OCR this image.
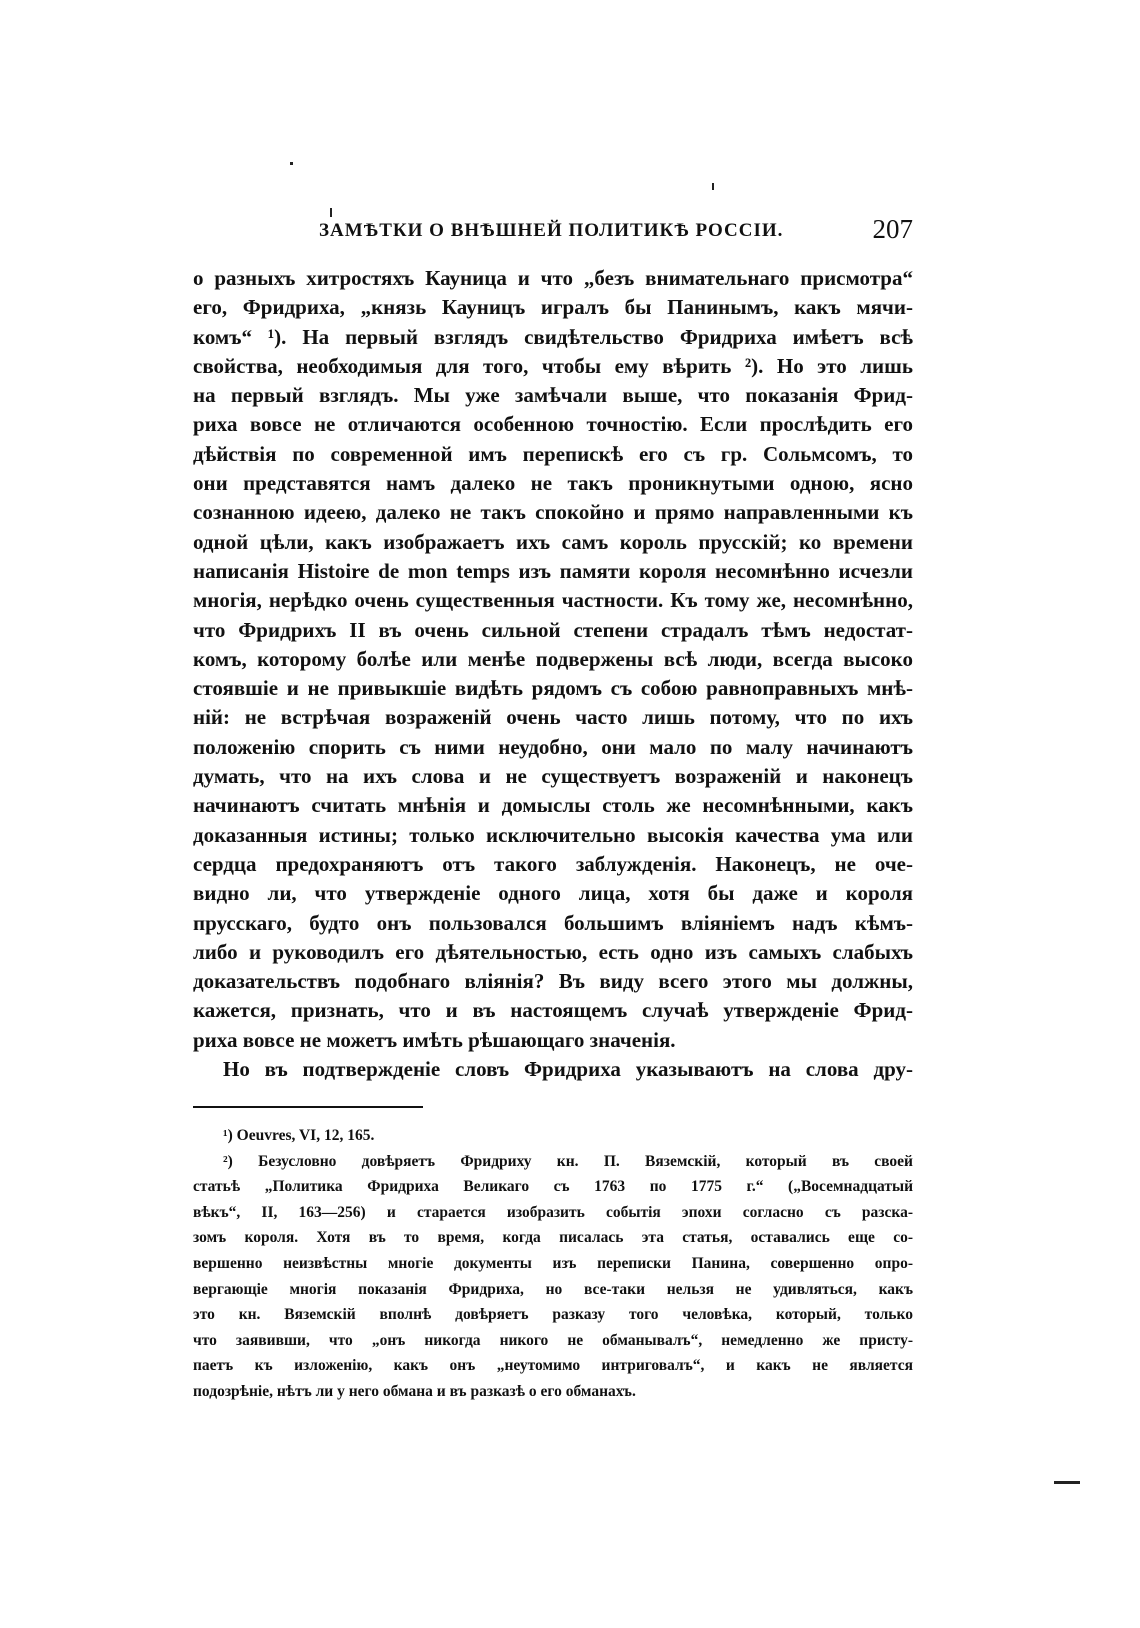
ЗАМѢТКИ О ВНѢШНЕЙ ПОЛИТИКѢ РОССІИ.	207
о разныхъ хитростяхъ Кауница и что „безъ внимательнаго присмотра“
его, Фридриха, „князь Кауницъ игралъ бы Панинымъ, какъ мячи-
комъ“ ¹). На первый взглядъ свидѣтельство Фридриха имѣетъ всѣ
свойства, необходимыя для того, чтобы ему вѣрить ²). Но это лишь
на первый взглядъ. Мы уже замѣчали выше, что показанія Фрид-
риха вовсе не отличаются особенною точностію. Если прослѣдить его
дѣйствія по современной имъ перепискѣ его съ гр. Сольмсомъ, то
они представятся намъ далеко не такъ проникнутыми одною, ясно
сознанною идеею, далеко не такъ спокойно и прямо направленными къ
одной цѣли, какъ изображаетъ ихъ самъ король прусскій; ко времени
написанія Histoire de mon temps изъ памяти короля несомнѣнно исчезли
многія, нерѣдко очень существенныя частности. Къ тому же, несомнѣнно,
что Фридрихъ II въ очень сильной степени страдалъ тѣмъ недостат-
комъ, которому болѣе или менѣе подвержены всѣ люди, всегда высоко
стоявшіе и не привыкшіе видѣть рядомъ съ собою равноправныхъ мнѣ-
ній: не встрѣчая возраженій очень часто лишь потому, что по ихъ
положенію спорить съ ними неудобно, они мало по малу начинаютъ
думать, что на ихъ слова и не существуетъ возраженій и наконецъ
начинаютъ считать мнѣнія и домыслы столь же несомнѣнными, какъ
доказанныя истины; только исключительно высокія качества ума или
сердца предохраняютъ отъ такого заблужденія. Наконецъ, не оче-
видно ли, что утвержденіе одного лица, хотя бы даже и короля
прусскаго, будто онъ пользовался большимъ вліяніемъ надъ кѣмъ-
либо и руководилъ его дѣятельностью, есть одно изъ самыхъ слабыхъ
доказательствъ подобнаго вліянія? Въ виду всего этого мы должны,
кажется, признать, что и въ настоящемъ случаѣ утвержденіе Фрид-
риха вовсе не можетъ имѣть рѣшающаго значенія.
Но въ подтвержденіе словъ Фридриха указываютъ на слова дру-
¹) Oeuvres, VI, 12, 165.
²) Безусловно довѣряетъ Фридриху кн. П. Вяземскій, который въ своей
статьѣ „Политика Фридриха Великаго съ 1763 по 1775 г.“ („Восемнадцатый
вѣкъ“, II, 163—256) и старается изобразить событія эпохи согласно съ разска-
зомъ короля. Хотя въ то время, когда писалась эта статья, оставались еще со-
вершенно неизвѣстны многіе документы изъ переписки Панина, совершенно опро-
вергающіе многія показанія Фридриха, но все-таки нельзя не удивляться, какъ
это кн. Вяземскій вполнѣ довѣряетъ разказу того человѣка, который, только
что заявивши, что „онъ никогда никого не обманывалъ“, немедленно же присту-
паетъ къ изложенію, какъ онъ „неутомимо интриговалъ“, и какъ не является
подозрѣніе, нѣтъ ли у него обмана и въ разказѣ о его обманахъ.
